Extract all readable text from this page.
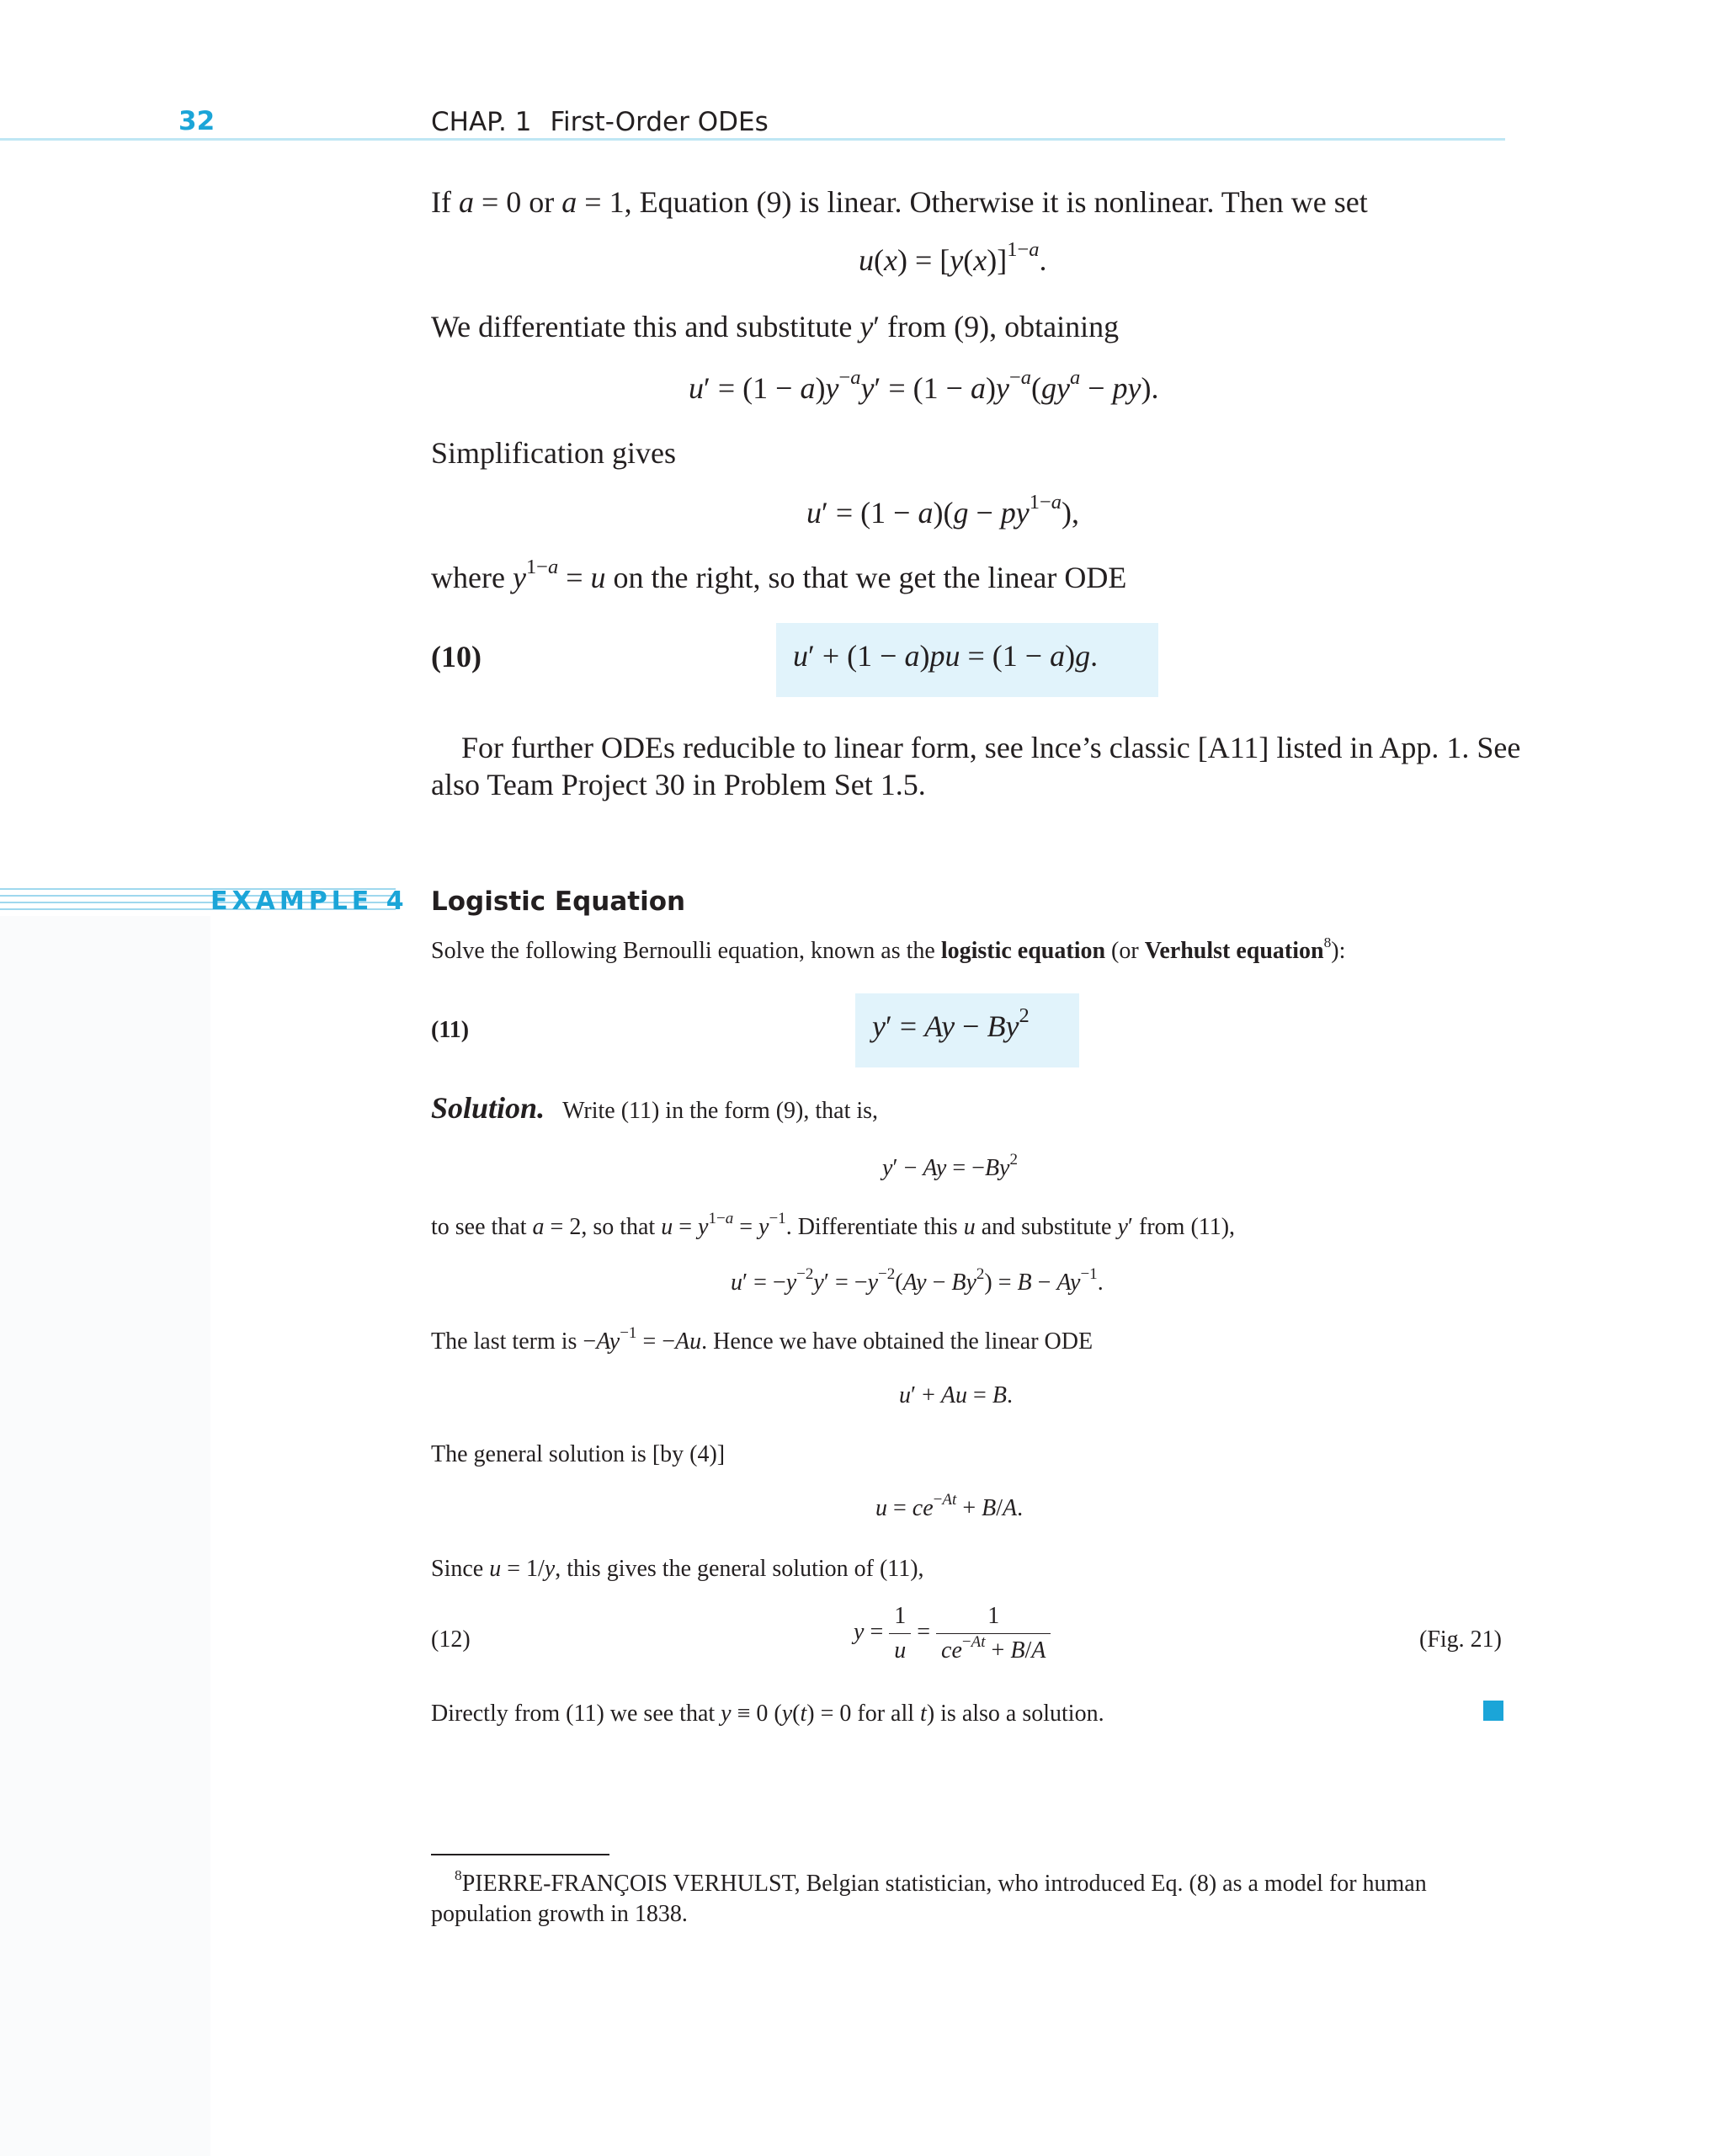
32	CHAP. 1 First-Order ODEs
If a = 0 or a = 1, Equation (9) is linear. Otherwise it is nonlinear. Then we set
$u(x) = [y(x)]^{1-a}$.
We differentiate this and substitute y′ from (9), obtaining
$u' = (1 - a)y^{-a}y' = (1 - a)y^{-a}(gy^a - py)$.
Simplification gives
$u' = (1 - a)(g - py^{1-a})$,
where $y^{1-a} = u$ on the right, so that we get the linear ODE
(10)	u′ + (1 − a)pu = (1 − a)g.
For further ODEs reducible to linear form, see lnce’s classic [A11] listed in App. 1. See
also Team Project 30 in Problem Set 1.5.
EXAMPLE 4 Logistic Equation
Solve the following Bernoulli equation, known as the logistic equation (or Verhulst equation$^8$):
(11)	$y' = Ay - By^2$
Solution. Write (11) in the form (9), that is,
$y' - Ay = -By^2$
to see that a = 2, so that $u = y^{1-a} = y^{-1}$. Differentiate this u and substitute y′ from (11),
$u' = -y^{-2}y' = -y^{-2}(Ay - By^2) = B - Ay^{-1}$.
The last term is $-Ay^{-1} = -Au$. Hence we have obtained the linear ODE
u′ + Au = B.
The general solution is [by (4)]
$u = ce^{-At} + B/A$.
Since u = 1/y, this gives the general solution of (11),
(12)	$y = \frac{1}{u} = \frac{1}{ce^{-At} + B/A}$	(Fig. 21)
Directly from (11) we see that y ≡ 0 (y(t) = 0 for all t) is also a solution.
$^8$PIERRE-FRANÇOIS VERHULST, Belgian statistician, who introduced Eq. (8) as a model for human
population growth in 1838.
